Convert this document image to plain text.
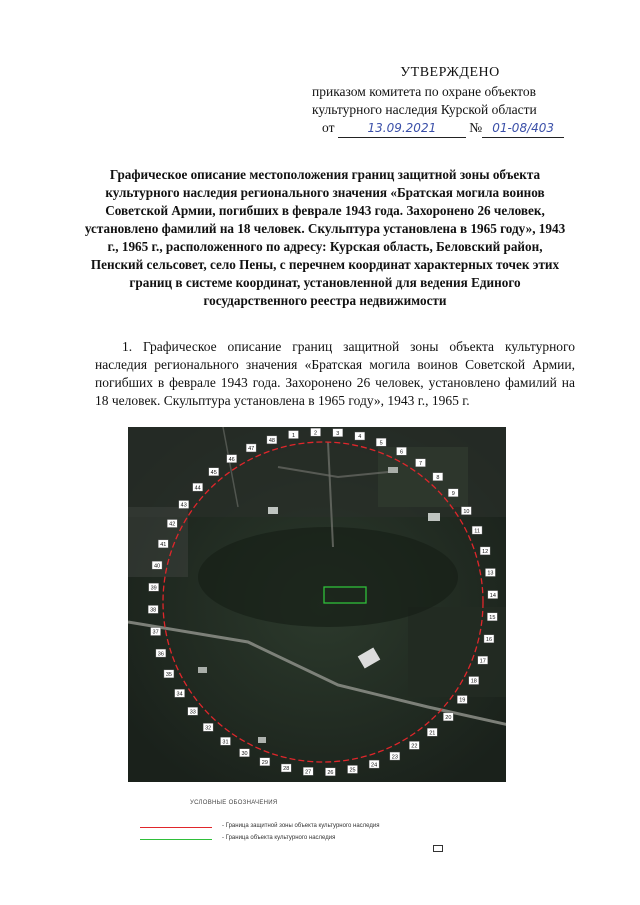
УТВЕРЖДЕНО
приказом комитета по охране объектов
культурного наследия Курской области
от	13.09.2021 № 01-08/403
Графическое описание местоположения границ защитной зоны объекта культурного наследия регионального значения «Братская могила воинов Советской Армии, погибших в феврале 1943 года. Захоронено 26 человек, установлено фамилий на 18 человек. Скульптура установлена в 1965 году», 1943 г., 1965 г., расположенного по адресу: Курская область, Беловский район, Пенский сельсовет, село Пены, с перечнем координат характерных точек этих границ в системе координат, установленной для ведения Единого государственного реестра недвижимости
1. Графическое описание границ защитной зоны объекта культурного наследия регионального значения «Братская могила воинов Советской Армии, погибших в феврале 1943 года. Захоронено 26 человек, установлено фамилий на 18 человек. Скульптура установлена в 1965 году», 1943 г., 1965 г.
1	2	3
4
5
6
7
8
9
10
11
12
13
14
15
16
17
18
19
20
21
22
23
24
25
26
27
28
29
30
31
32
33
34
35
36
37
38
39
40
41
42
43
44
45
46
47
48
УСЛОВНЫЕ ОБОЗНАЧЕНИЯ
- Граница защитной зоны объекта культурного наследия
- Граница объекта культурного наследия
